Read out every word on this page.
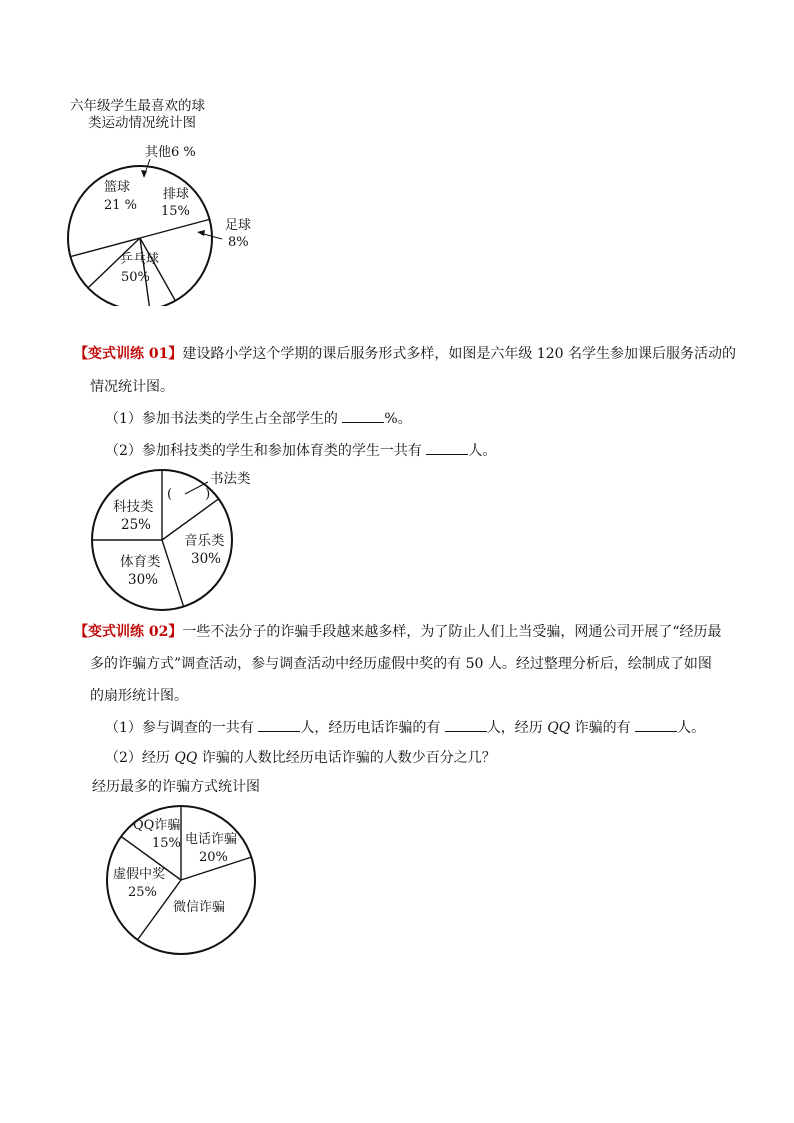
六年级学生最喜欢的球
类运动情况统计图
其他6 %
篮球
21 %
排球
15%
足球
8%
乒乓球
50%
【变式训练 01】建设路小学这个学期的课后服务形式多样，如图是六年级 120 名学生参加课后服务活动的
情况统计图。
（1）参加书法类的学生占全部学生的	%。
（2）参加科技类的学生和参加体育类的学生一共有	人。
书法类
(        )
科技类
25%
音乐类
30%
体育类
30%
【变式训练 02】一些不法分子的诈骗手段越来越多样，为了防止人们上当受骗，网通公司开展了“经历最
多的诈骗方式”调查活动，参与调查活动中经历虚假中奖的有 50 人。经过整理分析后，绘制成了如图
的扇形统计图。
（1）参与调查的一共有	人，经历电话诈骗的有	人，经历 QQ 诈骗的有	人。
（2）经历 QQ 诈骗的人数比经历电话诈骗的人数少百分之几？
经历最多的诈骗方式统计图
QQ诈骗
15% 电话诈骗
20%
虚假中奖
25%
微信诈骗
